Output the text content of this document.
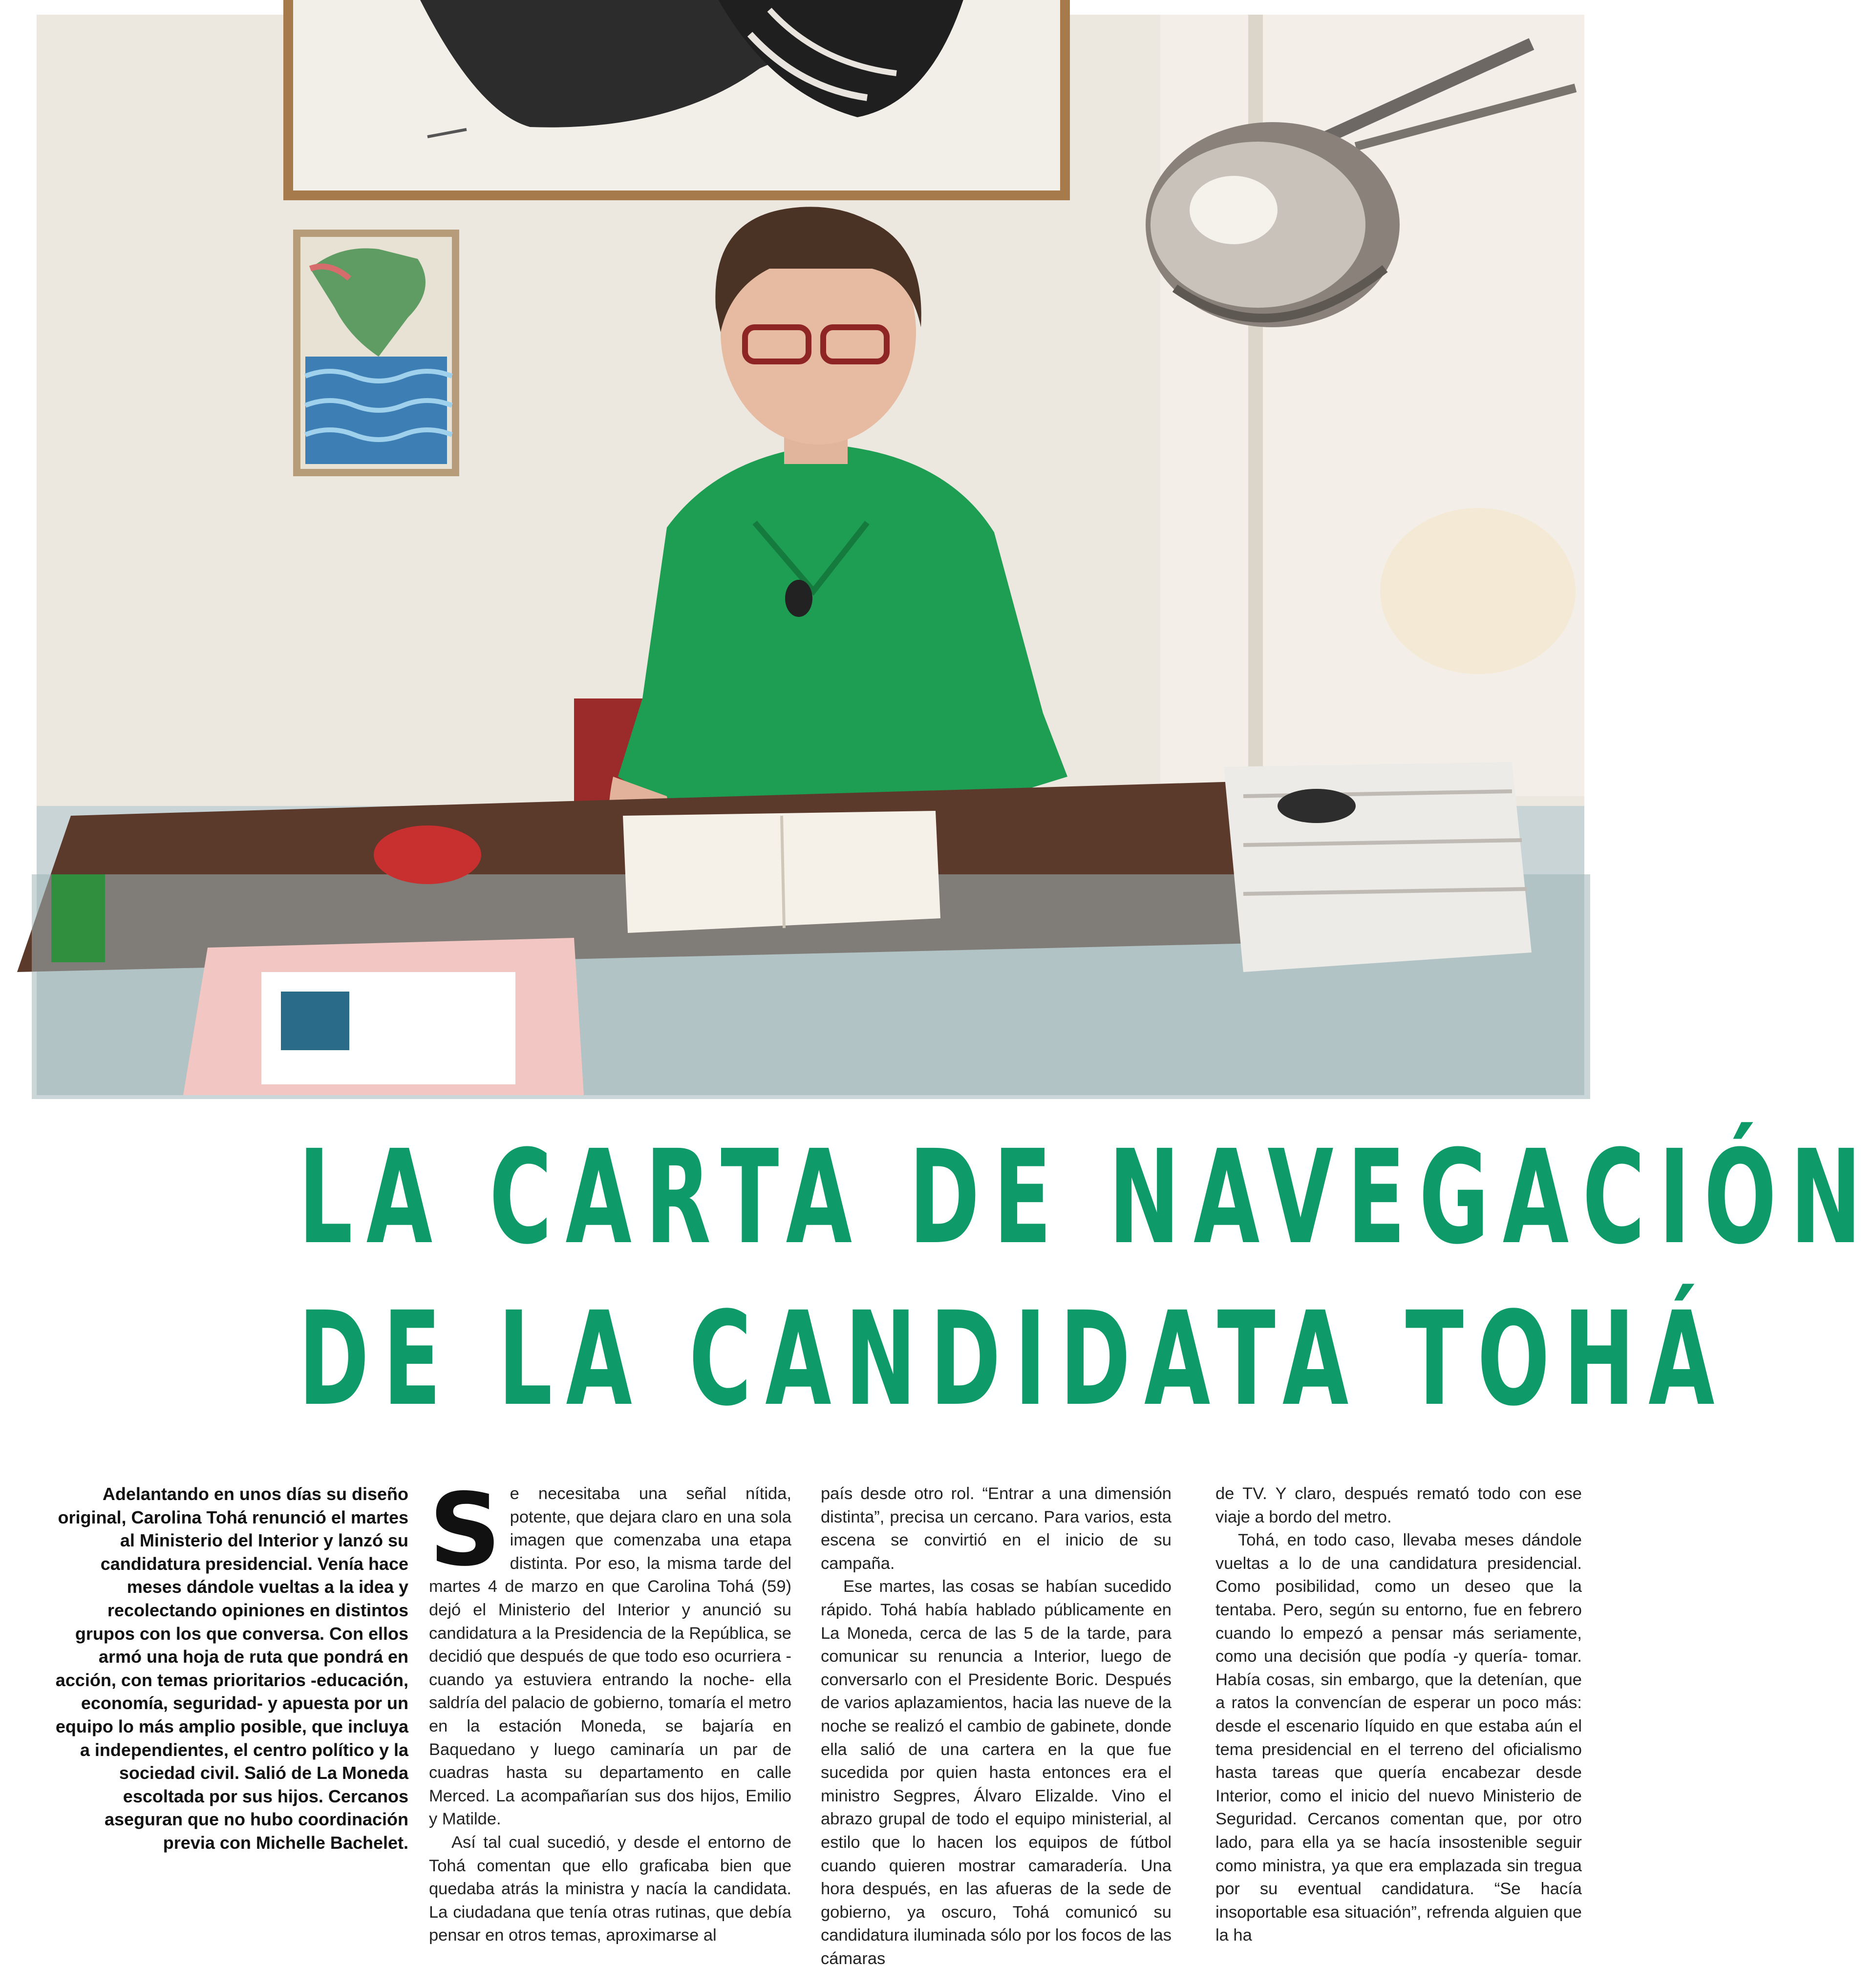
LA CARTA DE NAVEGACIÓN
DE LA CANDIDATA TOHÁ

Adelantando en unos días su diseño original, Carolina Tohá renunció el martes al Ministerio del Interior y lanzó su candidatura presidencial. Venía hace meses dándole vueltas a la idea y recolectando opiniones en distintos grupos con los que conversa. Con ellos armó una hoja de ruta que pondrá en acción, con temas prioritarios -educación, economía, seguridad- y apuesta por un equipo lo más amplio posible, que incluya a independientes, el centro político y la sociedad civil. Salió de La Moneda escoltada por sus hijos. Cercanos aseguran que no hubo coordinación previa con Michelle Bachelet.

Se necesitaba una señal nítida, potente, que dejara claro en una sola imagen que comenzaba una etapa distinta. Por eso, la misma tarde del martes 4 de marzo en que Carolina Tohá (59) dejó el Ministerio del Interior y anunció su candidatura a la Presidencia de la República, se decidió que después de que todo eso ocurriera -cuando ya estuviera entrando la noche- ella saldría del palacio de gobierno, tomaría el metro en la estación Moneda, se bajaría en Baquedano y luego caminaría un par de cuadras hasta su departamento en calle Merced. La acompañarían sus dos hijos, Emilio y Matilde.

Así tal cual sucedió, y desde el entorno de Tohá comentan que ello graficaba bien que quedaba atrás la ministra y nacía la candidata. La ciudadana que tenía otras rutinas, que debía pensar en otros temas, aproximarse al

país desde otro rol. “Entrar a una dimensión distinta”, precisa un cercano. Para varios, esta escena se convirtió en el inicio de su campaña.

Ese martes, las cosas se habían sucedido rápido. Tohá había hablado públicamente en La Moneda, cerca de las 5 de la tarde, para comunicar su renuncia a Interior, luego de conversarlo con el Presidente Boric. Después de varios aplazamientos, hacia las nueve de la noche se realizó el cambio de gabinete, donde ella salió de una cartera en la que fue sucedida por quien hasta entonces era el ministro Segpres, Álvaro Elizalde. Vino el abrazo grupal de todo el equipo ministerial, al estilo que lo hacen los equipos de fútbol cuando quieren mostrar camaradería. Una hora después, en las afueras de la sede de gobierno, ya oscuro, Tohá comunicó su candidatura iluminada sólo por los focos de las cámaras

de TV. Y claro, después remató todo con ese viaje a bordo del metro.

Tohá, en todo caso, llevaba meses dándole vueltas a lo de una candidatura presidencial. Como posibilidad, como un deseo que la tentaba. Pero, según su entorno, fue en febrero cuando lo empezó a pensar más seriamente, como una decisión que podía -y quería- tomar. Había cosas, sin embargo, que la detenían, que a ratos la convencían de esperar un poco más: desde el escenario líquido en que estaba aún el tema presidencial en el terreno del oficialismo hasta tareas que quería encabezar desde Interior, como el inicio del nuevo Ministerio de Seguridad. Cercanos comentan que, por otro lado, para ella ya se hacía insostenible seguir como ministra, ya que era emplazada sin tregua por su eventual candidatura. “Se hacía insoportable esa situación”, refrenda alguien que la ha
